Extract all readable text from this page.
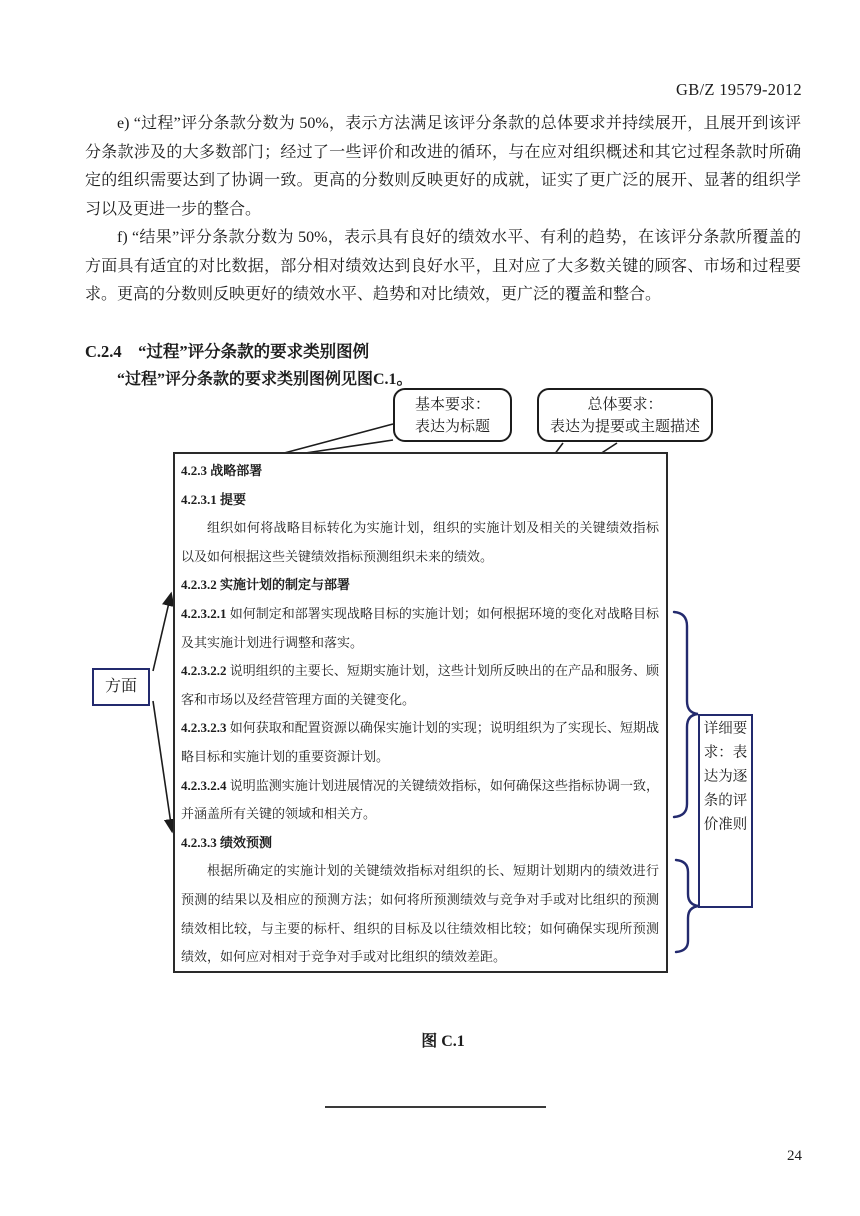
GB/Z 19579-2012
e) “过程”评分条款分数为 50%，表示方法满足该评分条款的总体要求并持续展开，且展开到该评分条款涉及的大多数部门；经过了一些评价和改进的循环，与在应对组织概述和其它过程条款时所确定的组织需要达到了协调一致。更高的分数则反映更好的成就，证实了更广泛的展开、显著的组织学习以及更进一步的整合。
f) “结果”评分条款分数为 50%，表示具有良好的绩效水平、有利的趋势，在该评分条款所覆盖的方面具有适宜的对比数据，部分相对绩效达到良好水平，且对应了大多数关键的顾客、市场和过程要求。更高的分数则反映更好的绩效水平、趋势和对比绩效，更广泛的覆盖和整合。
C.2.4　“过程”评分条款的要求类别图例
“过程”评分条款的要求类别图例见图C.1。
4.2.3 战略部署
4.2.3.1 提要
组织如何将战略目标转化为实施计划，组织的实施计划及相关的关键绩效指标以及如何根据这些关键绩效指标预测组织未来的绩效。
4.2.3.2 实施计划的制定与部署
4.2.3.2.1 如何制定和部署实现战略目标的实施计划；如何根据环境的变化对战略目标及其实施计划进行调整和落实。
4.2.3.2.2 说明组织的主要长、短期实施计划，这些计划所反映出的在产品和服务、顾客和市场以及经营管理方面的关键变化。
4.2.3.2.3 如何获取和配置资源以确保实施计划的实现；说明组织为了实现长、短期战略目标和实施计划的重要资源计划。
4.2.3.2.4 说明监测实施计划进展情况的关键绩效指标，如何确保这些指标协调一致，并涵盖所有关键的领域和相关方。
4.2.3.3 绩效预测
根据所确定的实施计划的关键绩效指标对组织的长、短期计划期内的绩效进行预测的结果以及相应的预测方法；如何将所预测绩效与竞争对手或对比组织的预测绩效相比较，与主要的标杆、组织的目标及以往绩效相比较；如何确保实现所预测绩效，如何应对相对于竞争对手或对比组织的绩效差距。
基本要求：
表达为标题
总体要求：
表达为提要或主题描述
方面
详细要求：表达为逐条的评价准则
图 C.1
24
